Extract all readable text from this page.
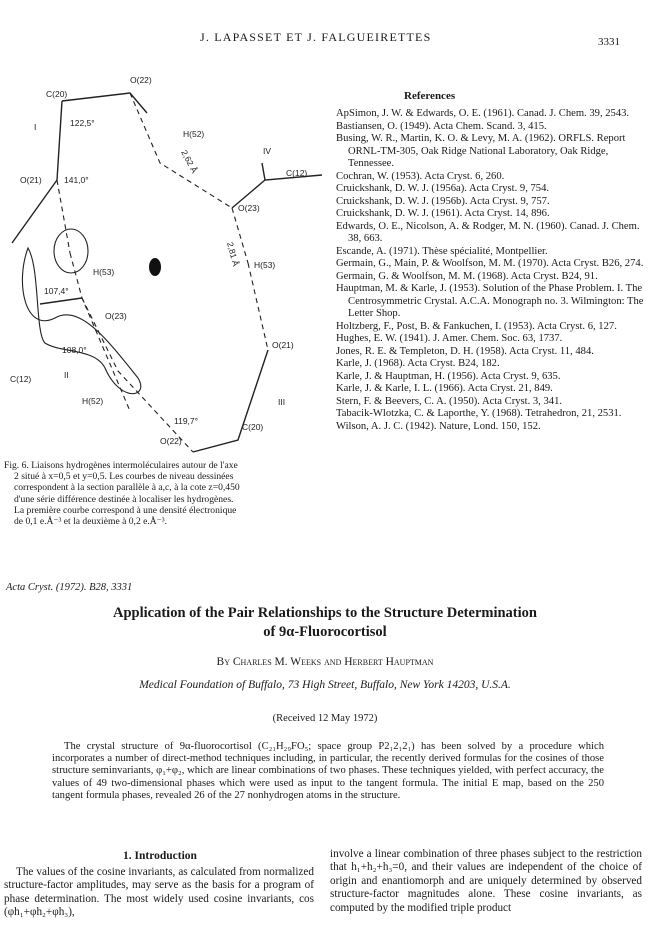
J. LAPASSET ET J. FALGUEIRETTES	3331
O(22)
C(20)
I	122,5°
H(52)
IV
2,62 Å	C(12)
O(21)	141,0°
O(23)
H(53)
2,81 Å
H(53)
107,4°
O(23)
108,0°	O(21)
C(12)	II
H(52)	III
119,7°
C(20)
O(22)
Fig. 6. Liaisons hydrogènes intermoléculaires autour de l'axe
2 situé à x=0,5 et y=0,5. Les courbes de niveau dessinées
correspondent à la section parallèle à a,c, à la cote z=0,450
d'une série différence destinée à localiser les hydrogènes.
La première courbe correspond à une densité électronique
de 0,1 e.Å⁻³ et la deuxième à 0,2 e.Å⁻³.
References

ApSimon, J. W. & Edwards, O. E. (1961). Canad. J. Chem. 39, 2543.

Bastiansen, O. (1949). Acta Chem. Scand. 3, 415.

Busing, W. R., Martin, K. O. & Levy, M. A. (1962). ORFLS. Report ORNL-TM-305, Oak Ridge National Laboratory, Oak Ridge, Tennessee.

Cochran, W. (1953). Acta Cryst. 6, 260.

Cruickshank, D. W. J. (1956a). Acta Cryst. 9, 754.

Cruickshank, D. W. J. (1956b). Acta Cryst. 9, 757.

Cruickshank, D. W. J. (1961). Acta Cryst. 14, 896.

Edwards, O. E., Nicolson, A. & Rodger, M. N. (1960). Canad. J. Chem. 38, 663.

Escande, A. (1971). Thèse spécialité, Montpellier.

Germain, G., Main, P. & Woolfson, M. M. (1970). Acta Cryst. B26, 274.

Germain, G. & Woolfson, M. M. (1968). Acta Cryst. B24, 91.

Hauptman, M. & Karle, J. (1953). Solution of the Phase Problem. I. The Centrosymmetric Crystal. A.C.A. Monograph no. 3. Wilmington: The Letter Shop.

Holtzberg, F., Post, B. & Fankuchen, I. (1953). Acta Cryst. 6, 127.

Hughes, E. W. (1941). J. Amer. Chem. Soc. 63, 1737.

Jones, R. E. & Templeton, D. H. (1958). Acta Cryst. 11, 484.

Karle, J. (1968). Acta Cryst. B24, 182.

Karle, J. & Hauptman, H. (1956). Acta Cryst. 9, 635.

Karle, J. & Karle, I. L. (1966). Acta Cryst. 21, 849.

Stern, F. & Beevers, C. A. (1950). Acta Cryst. 3, 341.

Tabacik-Wlotzka, C. & Laporthe, Y. (1968). Tetrahedron, 21, 2531.

Wilson, A. J. C. (1942). Nature, Lond. 150, 152.

Acta Cryst. (1972). B28, 3331
Application of the Pair Relationships to the Structure Determination
of 9α-Fluorocortisol
By Charles M. Weeks and Herbert Hauptman
Medical Foundation of Buffalo, 73 High Street, Buffalo, New York 14203, U.S.A.
(Received 12 May 1972)
The crystal structure of 9α-fluorocortisol (C₂₁H₂₉FO₅; space group P2₁2₁2₁) has been solved by a procedure which incorporates a number of direct-method techniques including, in particular, the recently derived formulas for the cosines of those structure seminvariants, φ₁+φ₂, which are linear combinations of two phases. These techniques yielded, with perfect accuracy, the values of 49 two-dimensional phases which were used as input to the tangent formula. The initial E map, based on the 250 tangent formula phases, revealed 26 of the 27 nonhydrogen atoms in the structure.
1. Introduction
The values of the cosine invariants, as calculated from normalized structure-factor amplitudes, may serve as the basis for a program of phase determination. The most widely used cosine invariants, cos (φh₁+φh₂+φh₃),
involve a linear combination of three phases subject to the restriction that h₁+h₂+h₃=0, and their values are independent of the choice of origin and enantiomorph and are uniquely determined by observed structure-factor magnitudes alone. These cosine invariants, as computed by the modified triple product
